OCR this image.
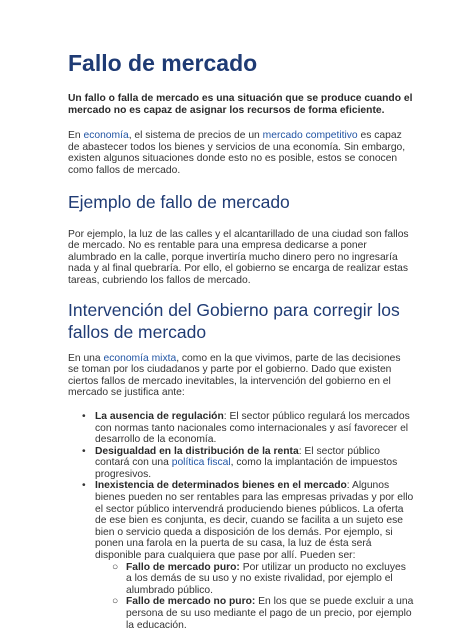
Fallo de mercado

Un fallo o falla de mercado es una situación que se produce cuando el mercado no es capaz de asignar los recursos de forma eficiente.

En economía, el sistema de precios de un mercado competitivo es capaz de abastecer todos los bienes y servicios de una economía. Sin embargo, existen algunos situaciones donde esto no es posible, estos se conocen como fallos de mercado.

Ejemplo de fallo de mercado

Por ejemplo, la luz de las calles y el alcantarillado de una ciudad son fallos de mercado. No es rentable para una empresa dedicarse a poner alumbrado en la calle, porque invertiría mucho dinero pero no ingresaría nada y al final quebraría. Por ello, el gobierno se encarga de realizar estas tareas, cubriendo los fallos de mercado.

Intervención del Gobierno para corregir los fallos de mercado

En una economía mixta, como en la que vivimos, parte de las decisiones se toman por los ciudadanos y parte por el gobierno. Dado que existen ciertos fallos de mercado inevitables, la intervención del gobierno en el mercado se justifica ante:

• La ausencia de regulación: El sector público regulará los mercados con normas tanto nacionales como internacionales y así favorecer el desarrollo de la economía.
• Desigualdad en la distribución de la renta: El sector público contará con una política fiscal, como la implantación de impuestos progresivos.
• Inexistencia de determinados bienes en el mercado: Algunos bienes pueden no ser rentables para las empresas privadas y por ello el sector público intervendrá produciendo bienes públicos. La oferta de ese bien es conjunta, es decir, cuando se facilita a un sujeto ese bien o servicio queda a disposición de los demás. Por ejemplo, si ponen una farola en la puerta de su casa, la luz de ésta será disponible para cualquiera que pase por allí. Pueden ser:
○ Fallo de mercado puro: Por utilizar un producto no excluyes a los demás de su uso y no existe rivalidad, por ejemplo el alumbrado público.
○ Fallo de mercado no puro: En los que se puede excluir a una persona de su uso mediante el pago de un precio, por ejemplo la educación.
